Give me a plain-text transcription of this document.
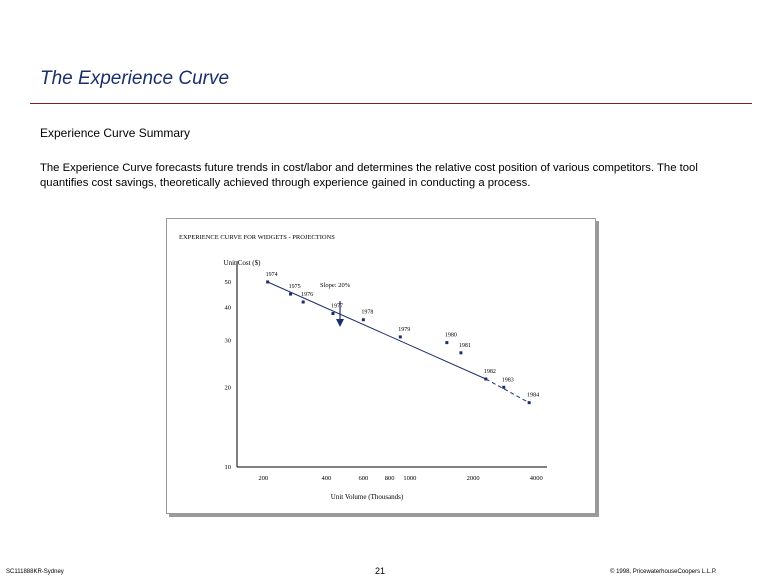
The Experience Curve
Experience Curve Summary
The Experience Curve forecasts future trends in cost/labor and determines the relative cost position of various competitors. The tool quantifies cost savings, theoretically achieved through experience gained in conducting a process.
EXPERIENCE CURVE FOR WIDGETS - PROJECTIONS
Unit Cost ($)
Unit Volume (Thousands)
Slope: 20%
200	400	600	800 1000	2000	4000
50
40
30
20
10
1974
1975
1976
1977
1978
1979
1980
1981
1982
1983
1984
SC111888KR-Sydney	21	© 1998, PricewaterhouseCoopers L.L.P.
